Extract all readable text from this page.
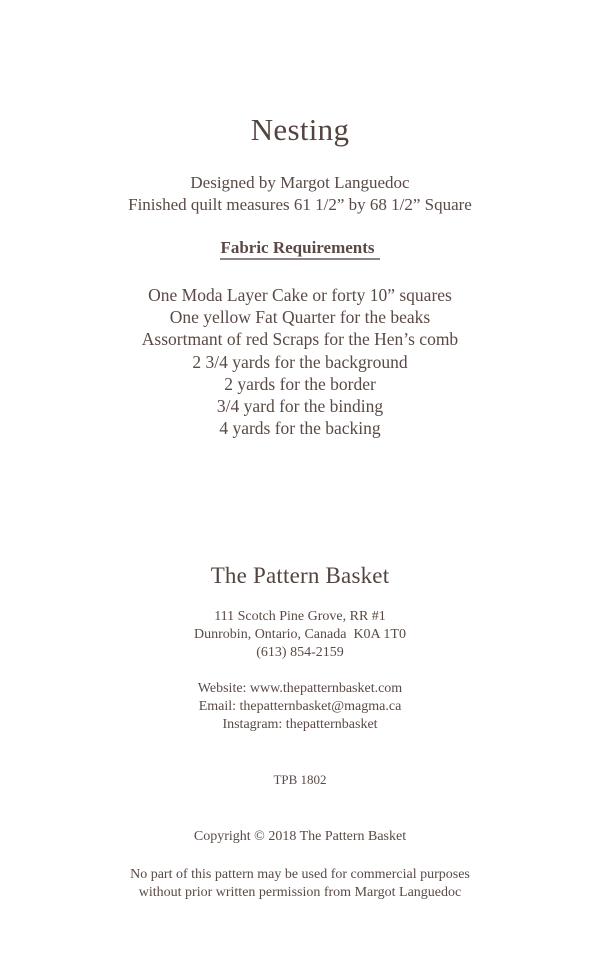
Nesting
Designed by Margot Languedoc
Finished quilt measures 61 1/2” by 68 1/2” Square
Fabric Requirements
One Moda Layer Cake or forty 10” squares
One yellow Fat Quarter for the beaks
Assortmant of red Scraps for the Hen’s comb
2 3/4 yards for the background
2 yards for the border
3/4 yard for the binding
4 yards for the backing
The Pattern Basket
111 Scotch Pine Grove, RR #1
Dunrobin, Ontario, Canada  K0A 1T0
(613) 854-2159
Website: www.thepatternbasket.com
Email: thepatternbasket@magma.ca
Instagram: thepatternbasket
TPB 1802
Copyright © 2018 The Pattern Basket
No part of this pattern may be used for commercial purposes
without prior written permission from Margot Languedoc
